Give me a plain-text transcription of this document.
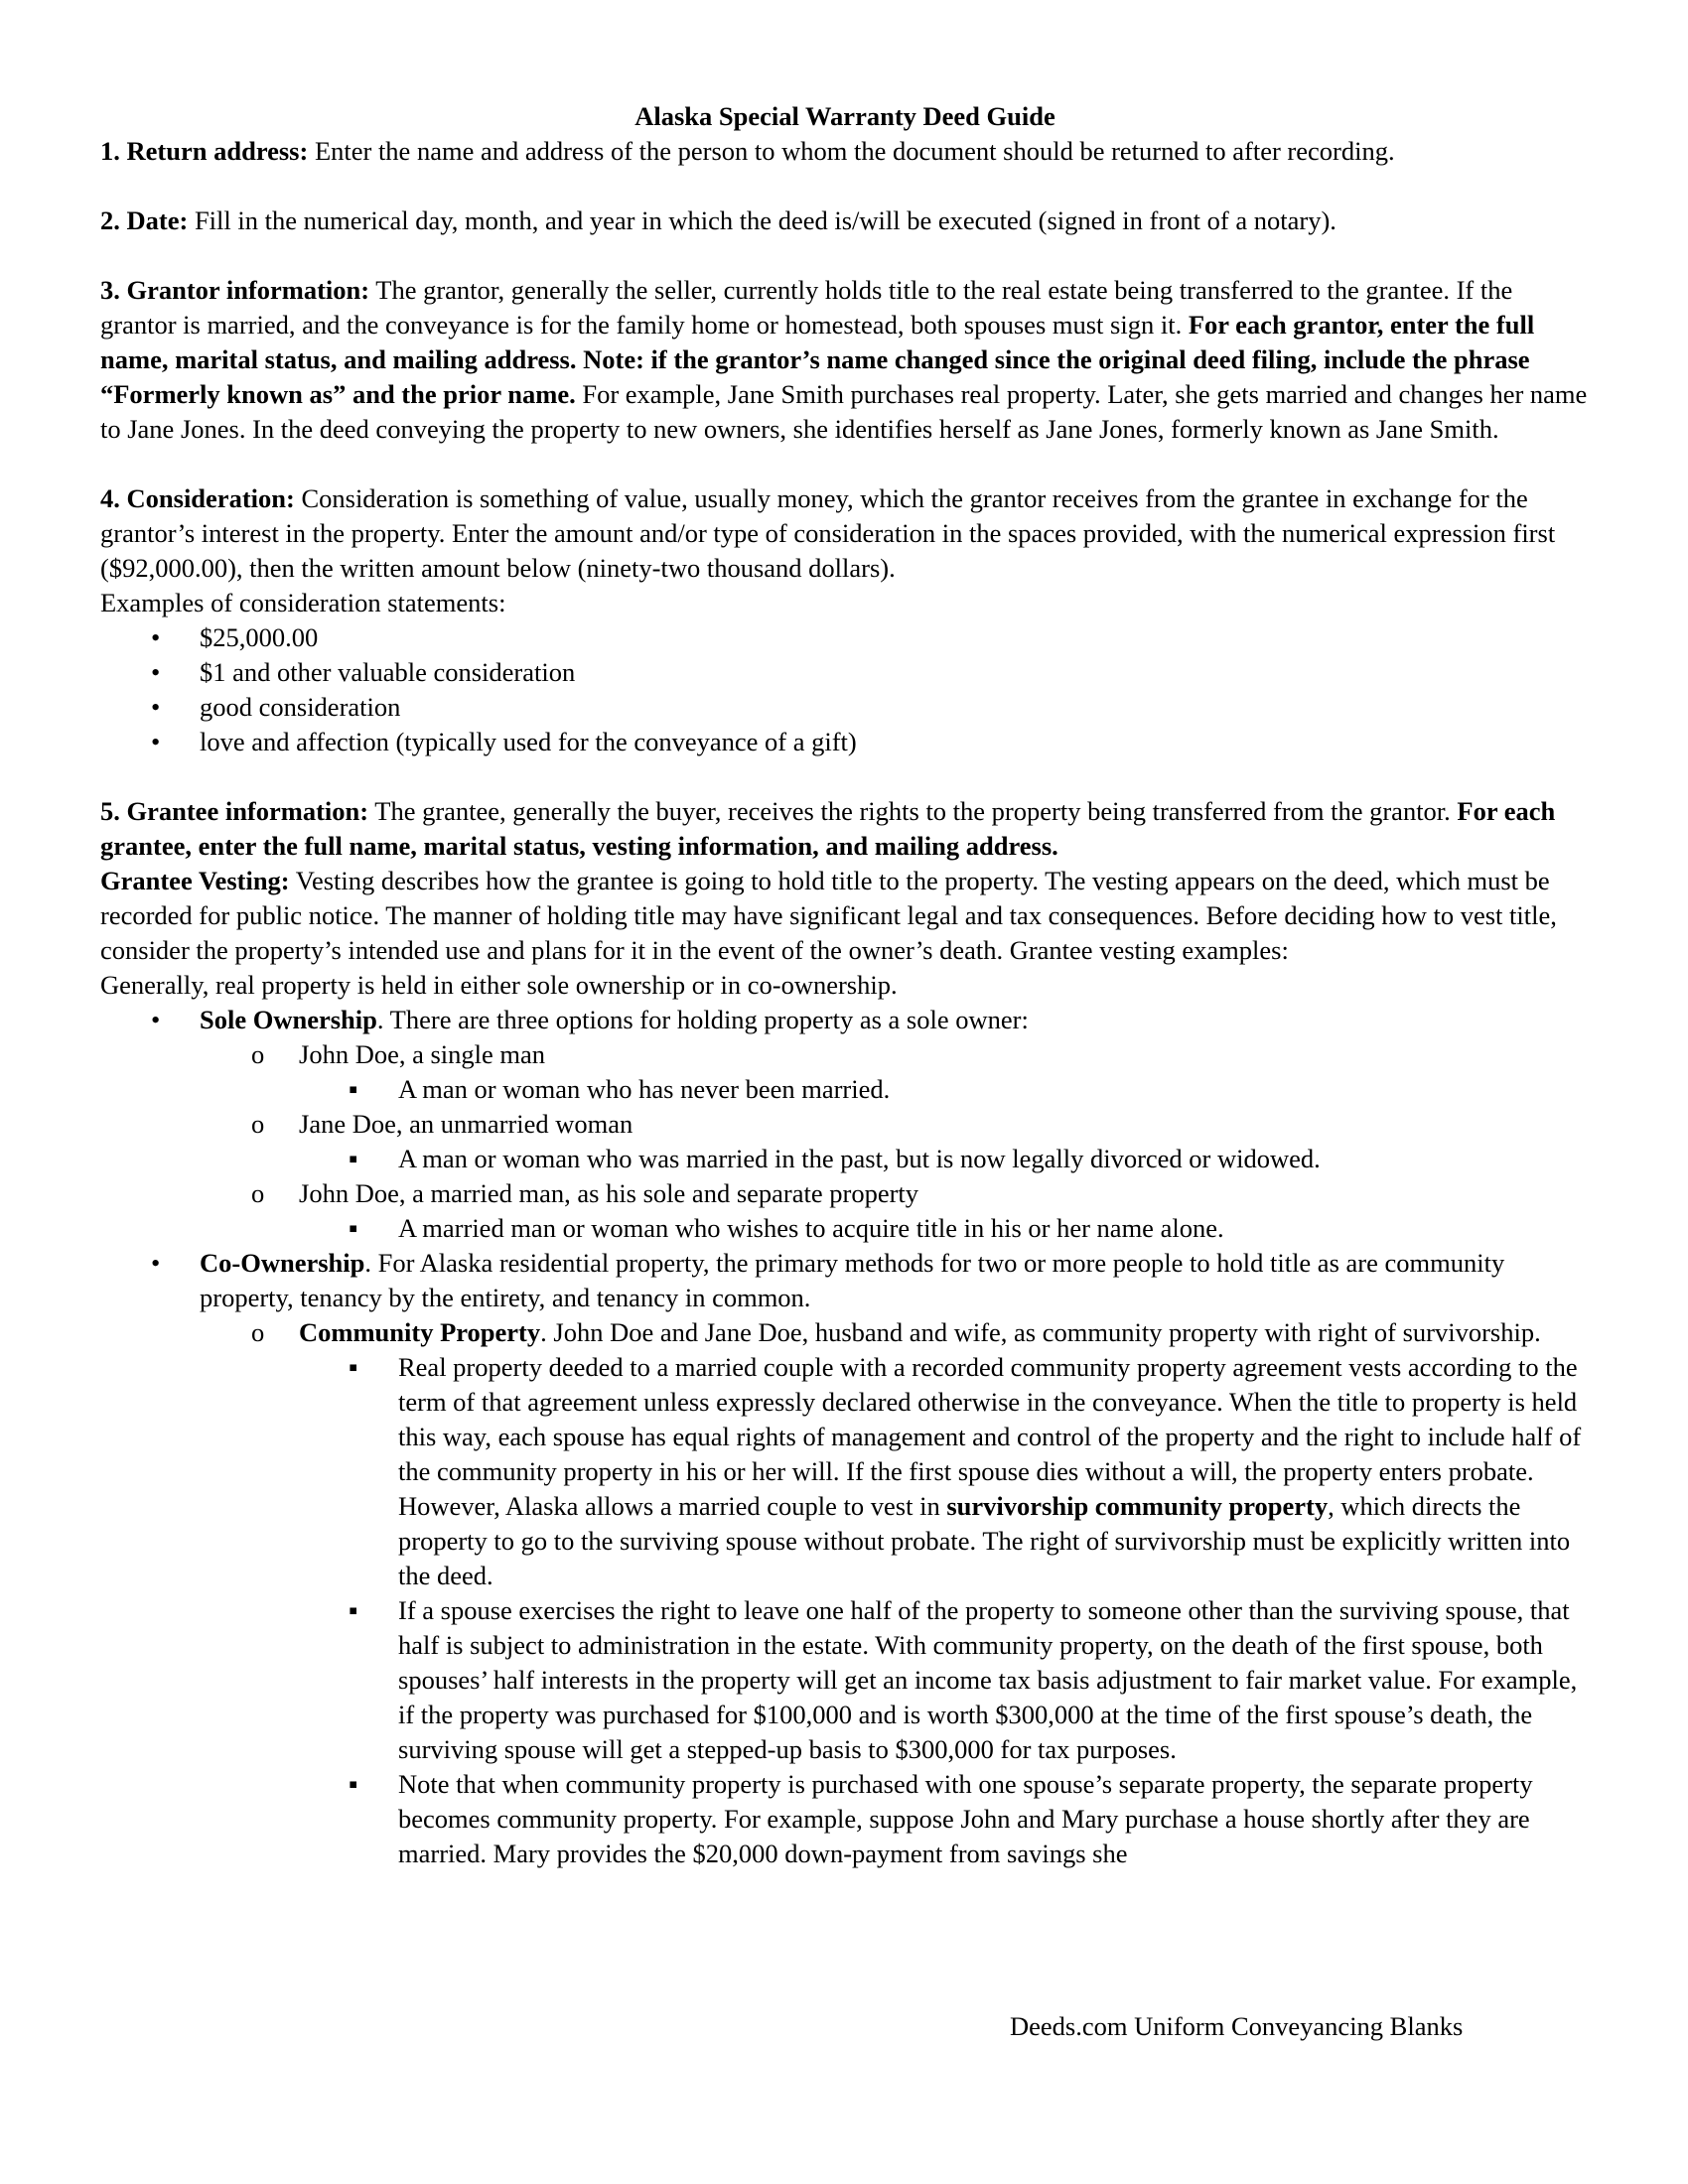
Alaska Special Warranty Deed Guide

1. Return address: Enter the name and address of the person to whom the document should be returned to after recording.

2. Date: Fill in the numerical day, month, and year in which the deed is/will be executed (signed in front of a notary).

3. Grantor information: The grantor, generally the seller, currently holds title to the real estate being transferred to the grantee. If the grantor is married, and the conveyance is for the family home or homestead, both spouses must sign it. For each grantor, enter the full name, marital status, and mailing address. Note: if the grantor’s name changed since the original deed filing, include the phrase “Formerly known as” and the prior name. For example, Jane Smith purchases real property. Later, she gets married and changes her name to Jane Jones. In the deed conveying the property to new owners, she identifies herself as Jane Jones, formerly known as Jane Smith.

4. Consideration: Consideration is something of value, usually money, which the grantor receives from the grantee in exchange for the grantor’s interest in the property. Enter the amount and/or type of consideration in the spaces provided, with the numerical expression first ($92,000.00), then the written amount below (ninety-two thousand dollars).

Examples of consideration statements:

• $25,000.00
• $1 and other valuable consideration
• good consideration
• love and affection (typically used for the conveyance of a gift)

5. Grantee information: The grantee, generally the buyer, receives the rights to the property being transferred from the grantor. For each grantee, enter the full name, marital status, vesting information, and mailing address.

Grantee Vesting: Vesting describes how the grantee is going to hold title to the property. The vesting appears on the deed, which must be recorded for public notice. The manner of holding title may have significant legal and tax consequences. Before deciding how to vest title, consider the property’s intended use and plans for it in the event of the owner’s death. Grantee vesting examples:

Generally, real property is held in either sole ownership or in co-ownership.

• Sole Ownership. There are three options for holding property as a sole owner:
o John Doe, a single man
▪ A man or woman who has never been married.
o Jane Doe, an unmarried woman
▪ A man or woman who was married in the past, but is now legally divorced or widowed.
o John Doe, a married man, as his sole and separate property
▪ A married man or woman who wishes to acquire title in his or her name alone.
• Co-Ownership. For Alaska residential property, the primary methods for two or more people to hold title as are community property, tenancy by the entirety, and tenancy in common.
o Community Property. John Doe and Jane Doe, husband and wife, as community property with right of survivorship.
▪ Real property deeded to a married couple with a recorded community property agreement vests according to the term of that agreement unless expressly declared otherwise in the conveyance. When the title to property is held this way, each spouse has equal rights of management and control of the property and the right to include half of the community property in his or her will. If the first spouse dies without a will, the property enters probate. However, Alaska allows a married couple to vest in survivorship community property, which directs the property to go to the surviving spouse without probate. The right of survivorship must be explicitly written into the deed.
▪ If a spouse exercises the right to leave one half of the property to someone other than the surviving spouse, that half is subject to administration in the estate. With community property, on the death of the first spouse, both spouses’ half interests in the property will get an income tax basis adjustment to fair market value. For example, if the property was purchased for $100,000 and is worth $300,000 at the time of the first spouse’s death, the surviving spouse will get a stepped-up basis to $300,000 for tax purposes.
▪ Note that when community property is purchased with one spouse’s separate property, the separate property becomes community property. For example, suppose John and Mary purchase a house shortly after they are married. Mary provides the $20,000 down-payment from savings she
Deeds.com Uniform Conveyancing Blanks
